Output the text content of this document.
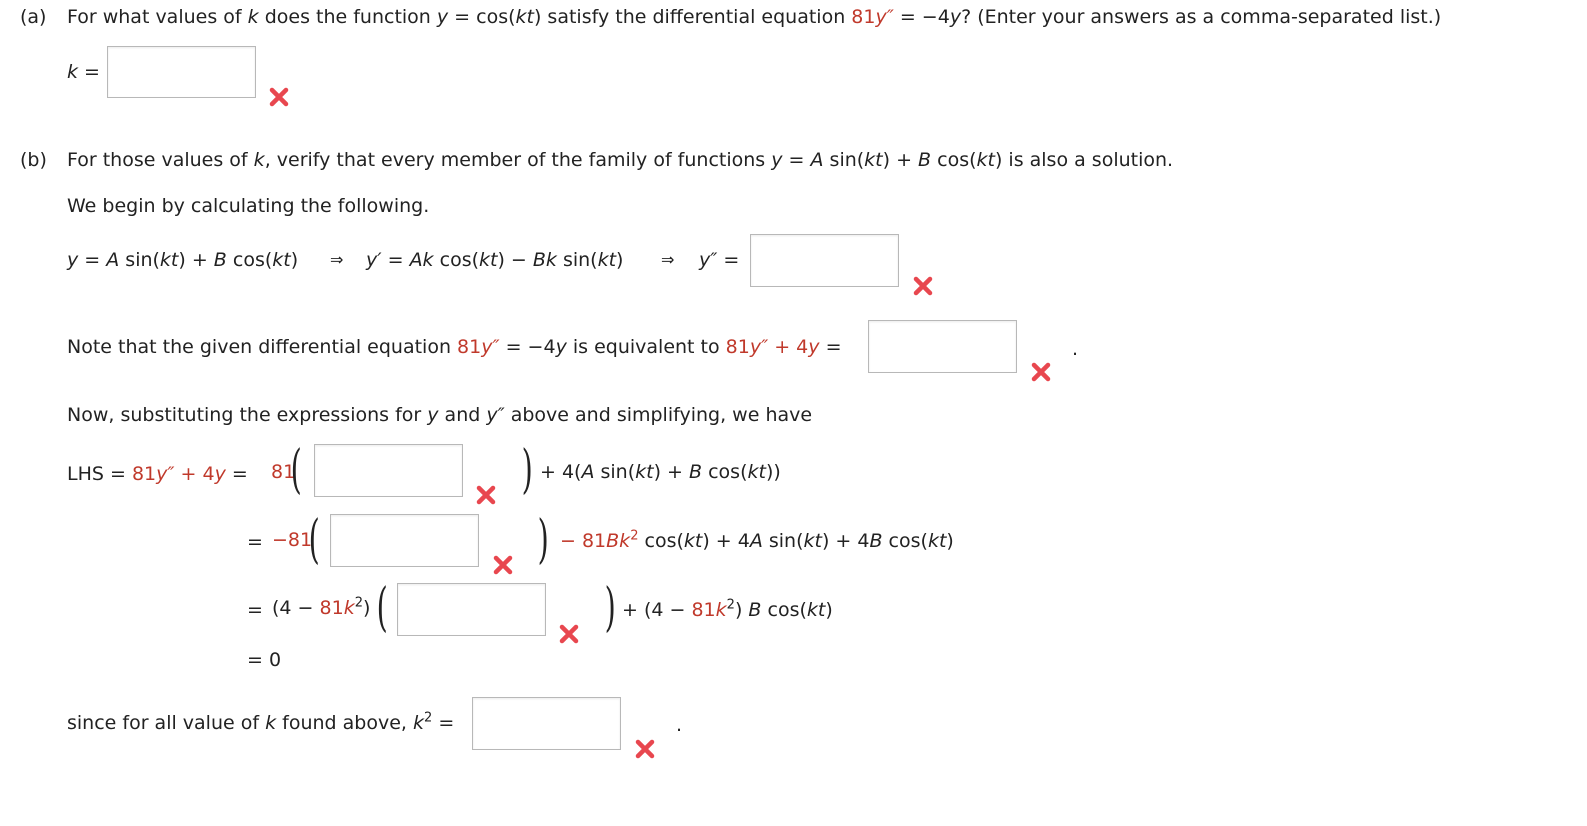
(a) For what values of k does the function y = cos(kt) satisfy the differential equation 81y″ = −4y? (Enter your answers as a comma-separated list.)
k =
(b) For those values of k, verify that every member of the family of functions y = A sin(kt) + B cos(kt) is also a solution.
We begin by calculating the following.
y = A sin(kt) + B cos(kt) ⇒ y′ = Ak cos(kt) − Bk sin(kt) ⇒ y″ =
Note that the given differential equation 81y″ = −4y is equivalent to 81y″ + 4y =	.
Now, substituting the expressions for y and y″ above and simplifying, we have
LHS = 81y″ + 4y = 81
(	) + 4(A sin(kt) + B cos(kt))
= −81
(	) − $81Bk^2$ cos(kt) + 4A sin(kt) + 4B cos(kt)
= $(4 - 81k^2)$ (	) + $(4 - 81k^2)$ B cos(kt)
= 0
since for all value of k found above, $k^2$ =	.
